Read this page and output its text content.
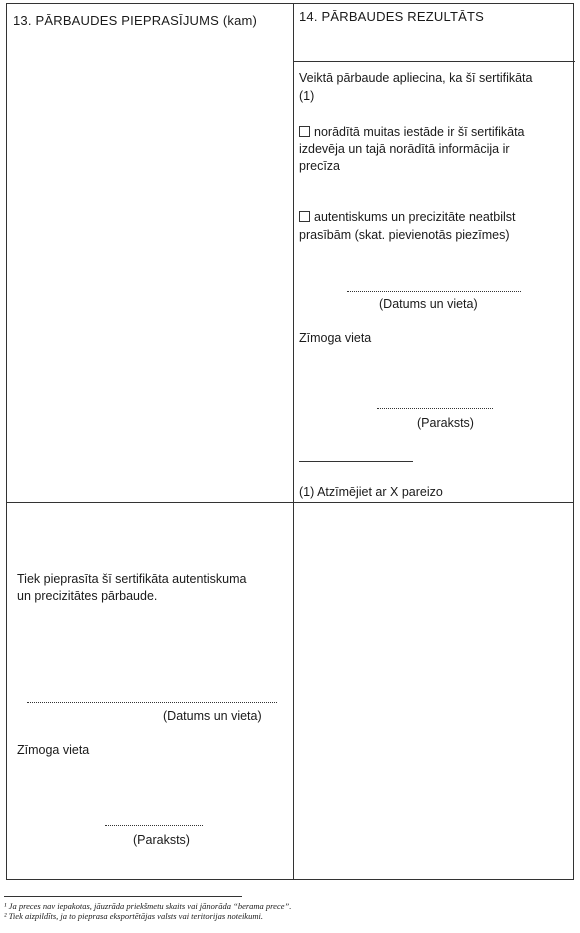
13. PĀRBAUDES PIEPRASĪJUMS (kam)
Tiek pieprasīta šī sertifikāta autentiskuma
un precizitātes pārbaude.
(Datums un vieta)
Zīmoga vieta
(Paraksts)
14. PĀRBAUDES REZULTĀTS
Veiktā pārbaude apliecina, ka šī sertifikāta
(1)
norādītā muitas iestāde ir šī sertifikāta
izdevēja un tajā norādītā informācija ir
precīza
autentiskums un precizitāte neatbilst
prasībām (skat. pievienotās piezīmes)
(Datums un vieta)
Zīmoga vieta
(Paraksts)
(1) Atzīmējiet ar X pareizo
¹ Ja preces nav iepakotas, jāuzrāda priekšmetu skaits vai jānorāda “berama prece”.
² Tiek aizpildīts, ja to pieprasa eksportētājas valsts vai teritorijas noteikumi.
